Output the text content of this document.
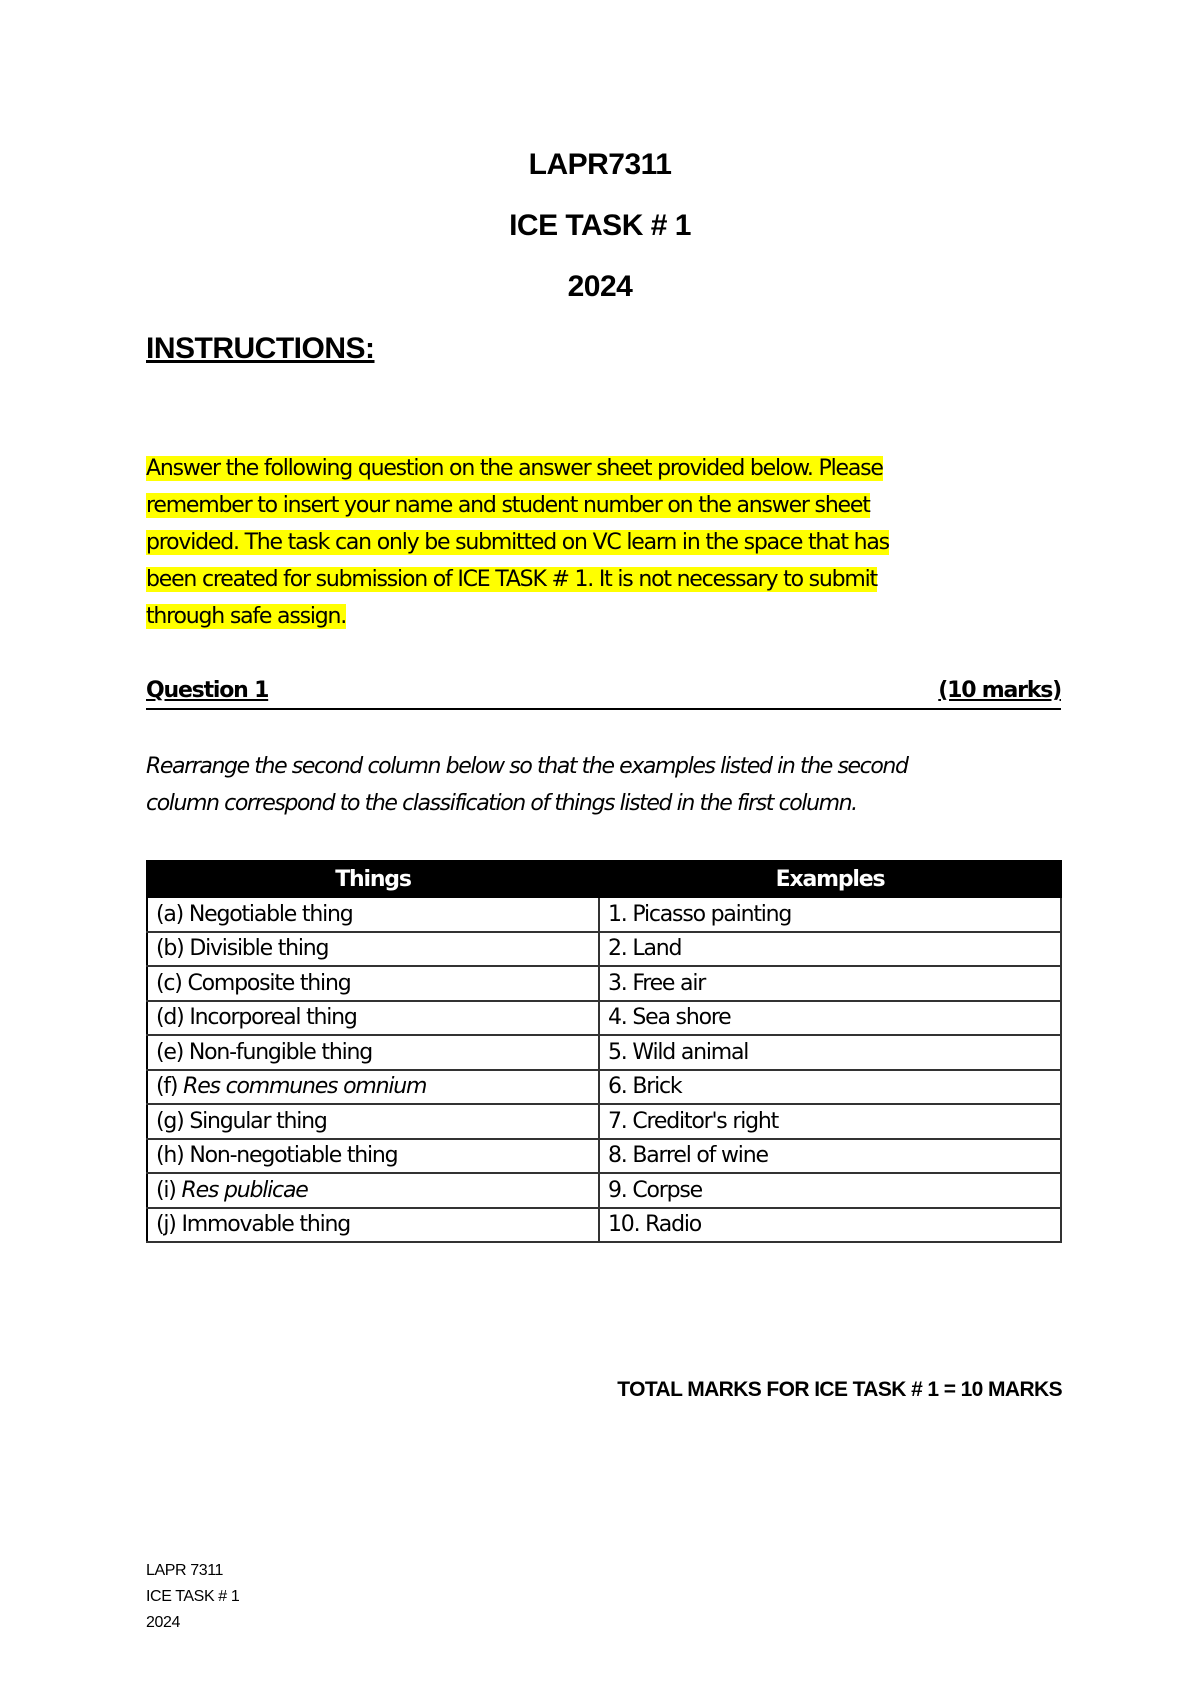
LAPR7311
ICE TASK # 1
2024
INSTRUCTIONS:
Answer the following question on the answer sheet provided below. Please
remember to insert your name and student number on the answer sheet
provided. The task can only be submitted on VC learn in the space that has
been created for submission of ICE TASK # 1. It is not necessary to submit
through safe assign.
Question 1	(10 marks)
Rearrange the second column below so that the examples listed in the second
column correspond to the classification of things listed in the first column.
Things	Examples
(a) Negotiable thing	1. Picasso painting
(b) Divisible thing	2. Land
(c) Composite thing	3. Free air
(d) Incorporeal thing	4. Sea shore
(e) Non-fungible thing	5. Wild animal
(f) Res communes omnium	6. Brick
(g) Singular thing	7. Creditor's right
(h) Non-negotiable thing	8. Barrel of wine
(i) Res publicae	9. Corpse
(j) Immovable thing	10. Radio
TOTAL MARKS FOR ICE TASK # 1 = 10 MARKS
LAPR 7311
ICE TASK # 1
2024
